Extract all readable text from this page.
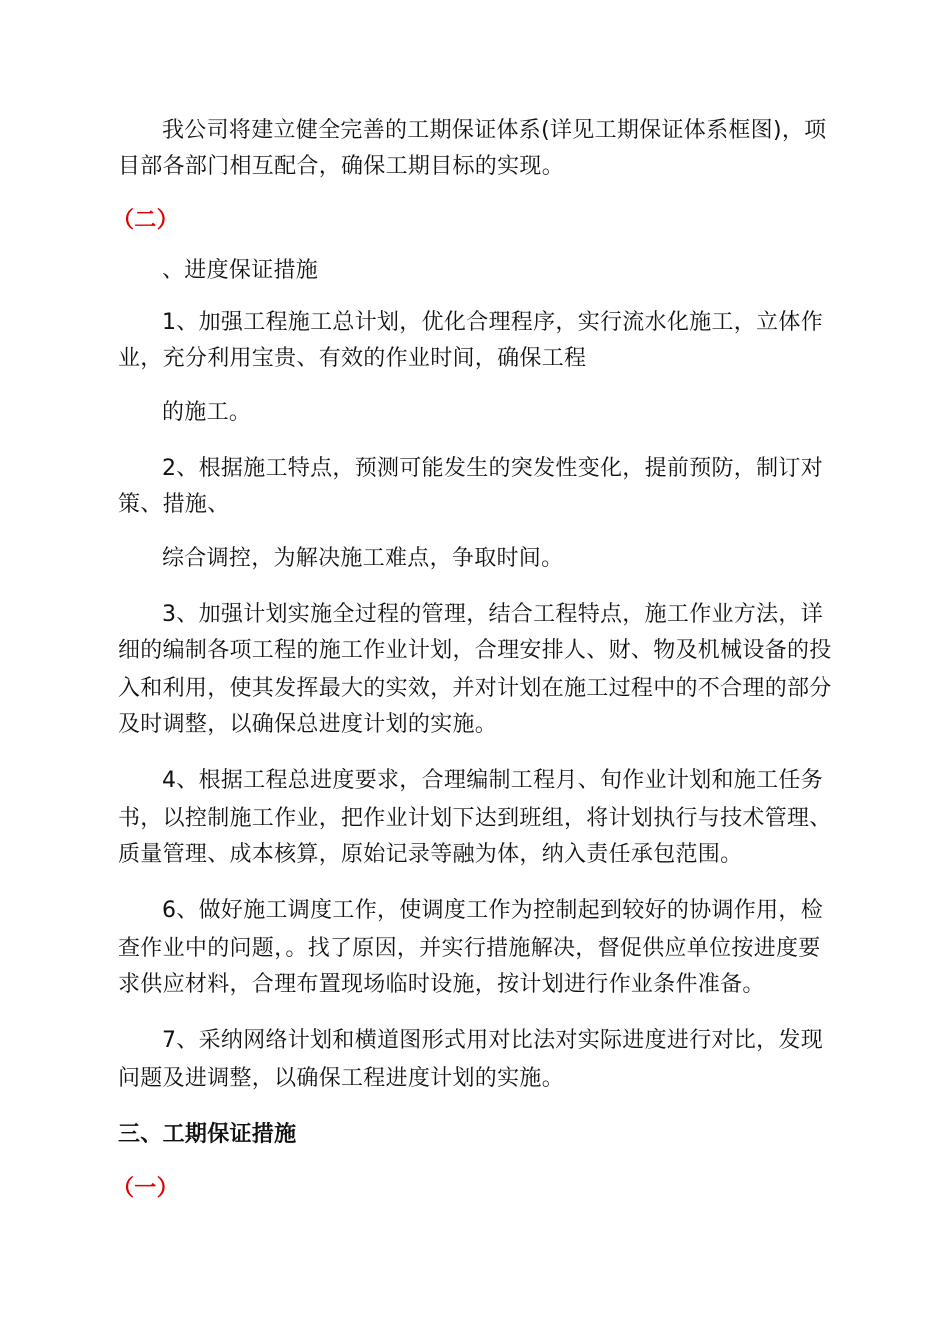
我公司将建立健全完善的工期保证体系(详见工期保证体系框图)，项
目部各部门相互配合，确保工期目标的实现。
（二）
、进度保证措施
1、加强工程施工总计划，优化合理程序，实行流水化施工，立体作
业，充分利用宝贵、有效的作业时间，确保工程
的施工。
2、根据施工特点，预测可能发生的突发性变化，提前预防，制订对
策、措施、
综合调控，为解决施工难点，争取时间。
3、加强计划实施全过程的管理，结合工程特点，施工作业方法，详
细的编制各项工程的施工作业计划，合理安排人、财、物及机械设备的投
入和利用，使其发挥最大的实效，并对计划在施工过程中的不合理的部分
及时调整，以确保总进度计划的实施。
4、根据工程总进度要求，合理编制工程月、旬作业计划和施工任务
书，以控制施工作业，把作业计划下达到班组，将计划执行与技术管理、
质量管理、成本核算，原始记录等融为体，纳入责任承包范围。
6、做好施工调度工作，使调度工作为控制起到较好的协调作用，检
查作业中的问题，。找了原因，并实行措施解决，督促供应单位按进度要
求供应材料，合理布置现场临时设施，按计划进行作业条件准备。
7、采纳网络计划和横道图形式用对比法对实际进度进行对比，发现
问题及进调整，以确保工程进度计划的实施。
三、工期保证措施
（一）
